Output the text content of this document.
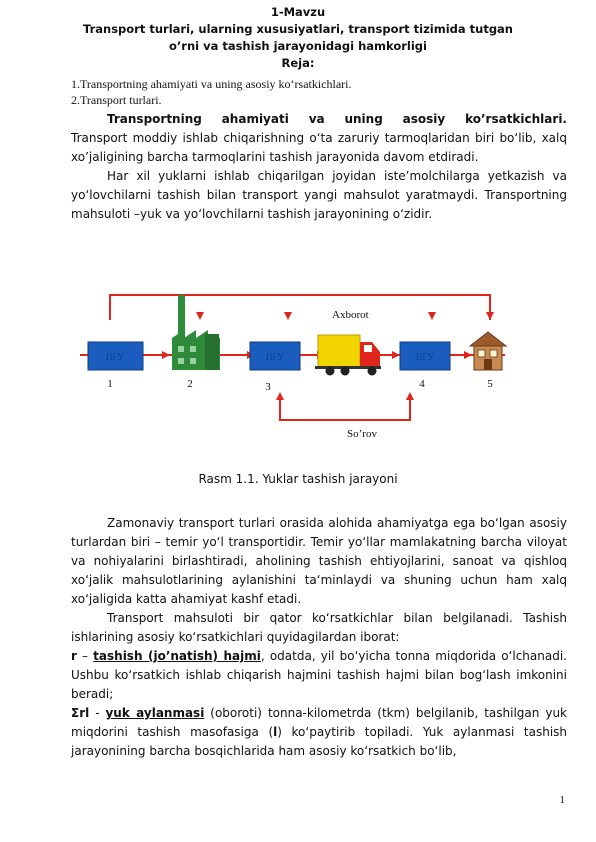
1-Mavzu
Transport turlari, ularning xususiyatlari, transport tizimida tutgan
o’rni va tashish jarayonidagi hamkorligi
Reja:
1.Transportning ahamiyati va uning asosiy ko‘rsatkichlari.
2.Transport turlari.
Transportning ahamiyati va uning asosiy ko’rsatkichlari.
Transport moddiy ishlab chiqarishning o‘ta zaruriy tarmoqlaridan biri bo‘lib, xalq xo’jaligining barcha tarmoqlarini tashish jarayonida davom etdiradi.
Har xil yuklarni ishlab chiqarilgan joyidan iste’molchilarga yetkazish va yo‘lovchilarni tashish bilan transport yangi mahsulot yaratmaydi. Transportning mahsuloti –yuk va yo‘lovchilarni tashish jarayonining o‘zidir.
Axborot
So’rov
ПГУ	ПГУ	ПГУ
1	2	3	4	5
Rasm 1.1. Yuklar tashish jarayoni
Zamonaviy transport turlari orasida alohida ahamiyatga ega bo‘lgan asosiy turlardan biri – temir yo‘l transportidir. Temir yo‘llar mamlakatning barcha viloyat va nohiyalarini birlashtiradi, aholining tashish ehtiyojlarini, sanoat va qishloq xo‘jalik mahsulotlarining aylanishini ta‘minlaydi va shuning uchun ham xalq xo‘jaligida katta ahamiyat kashf etadi.
Transport mahsuloti bir qator ko‘rsatkichlar bilan belgilanadi. Tashish ishlarining asosiy ko‘rsatkichlari quyidagilardan iborat:
r – tashish (jo’natish) hajmi, odatda, yil bo‘yicha tonna miqdorida o‘lchanadi. Ushbu ko‘rsatkich ishlab chiqarish hajmini tashish hajmi bilan bog‘lash imkonini beradi;
Σrl - yuk aylanmasi (oboroti) tonna-kilometrda (tkm) belgilanib, tashilgan yuk miqdorini tashish masofasiga (l) ko‘paytirib topiladi. Yuk aylanmasi tashish jarayonining barcha bosqichlarida ham asosiy ko‘rsatkich bo‘lib,
1
